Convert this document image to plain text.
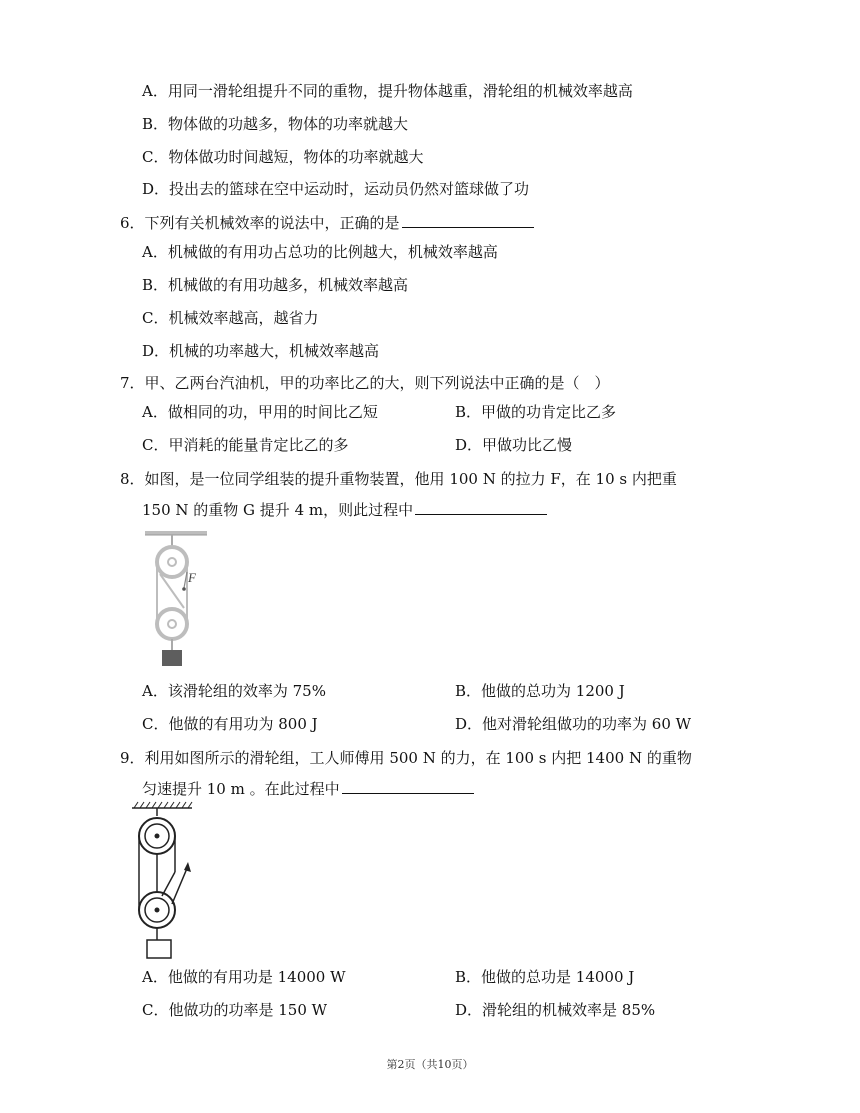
A．用同一滑轮组提升不同的重物，提升物体越重，滑轮组的机械效率越高
B．物体做的功越多，物体的功率就越大
C．物体做功时间越短，物体的功率就越大
D．投出去的篮球在空中运动时，运动员仍然对篮球做了功
6．下列有关机械效率的说法中，正确的是
A．机械做的有用功占总功的比例越大，机械效率越高
B．机械做的有用功越多，机械效率越高
C．机械效率越高，越省力
D．机械的功率越大，机械效率越高
7．甲、乙两台汽油机，甲的功率比乙的大，则下列说法中正确的是（　）
A．做相同的功，甲用的时间比乙短	B．甲做的功肯定比乙多
C．甲消耗的能量肯定比乙的多	D．甲做功比乙慢
8．如图，是一位同学组装的提升重物装置，他用 100 N 的拉力 F，在 10 s 内把重
150 N 的重物 G 提升 4 m，则此过程中
F
A．该滑轮组的效率为 75%	B．他做的总功为 1200 J
C．他做的有用功为 800 J	D．他对滑轮组做功的功率为 60 W
9．利用如图所示的滑轮组，工人师傅用 500 N 的力，在 100 s 内把 1400 N 的重物
匀速提升 10 m 。在此过程中
A．他做的有用功是 14000 W	B．他做的总功是 14000 J
C．他做功的功率是 150 W	D．滑轮组的机械效率是 85%
第2页（共10页）
